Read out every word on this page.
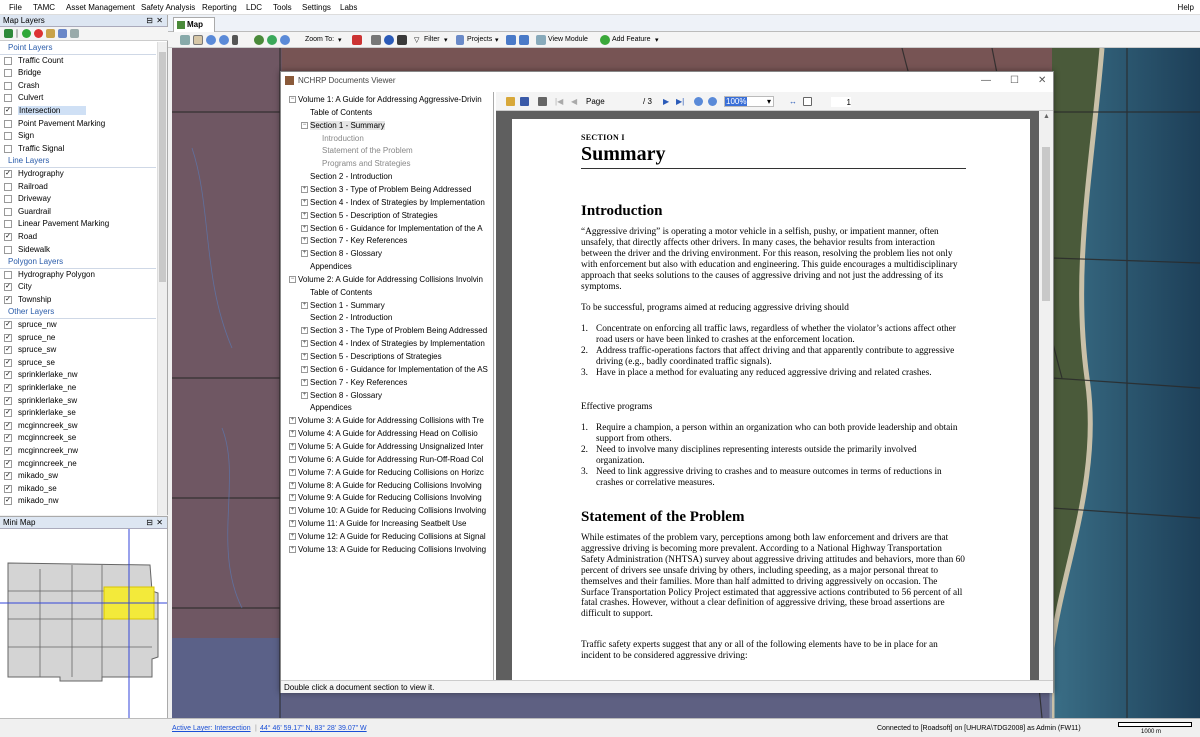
File TAMC Asset Management Safety Analysis Reporting LDC Tools Settings Labs	Help
Map Layers	⊟ ✕
Point Layers
Traffic Count
Bridge
Crash
Culvert
✓ Intersection
Point Pavement Marking
Sign
Traffic Signal
Line Layers
✓ Hydrography
Railroad
Driveway
Guardrail
Linear Pavement Marking
✓ Road
Sidewalk
Polygon Layers
Hydrography Polygon
✓ City
✓ Township
Other Layers
✓ spruce_nw
✓ spruce_ne
✓ spruce_sw
✓ spruce_se
✓ sprinklerlake_nw
✓ sprinklerlake_ne
✓ sprinklerlake_sw
✓ sprinklerlake_se
✓ mcginncreek_sw
✓ mcginncreek_se
✓ mcginncreek_nw
✓ mcginncreek_ne
✓ mikado_sw
✓ mikado_se
✓ mikado_nw
Mini Map	⊟ ✕
Map
Zoom To: ▾	▽ Filter ▾	Projects ▾	View Module	Add Feature ▾
NCHRP Documents Viewer	— ☐ ✕
− Volume 1: A Guide for Addressing Aggressive-Drivin
Table of Contents
− Section 1 - Summary
Introduction
Statement of the Problem
Programs and Strategies
Section 2 - Introduction
+ Section 3 - Type of Problem Being Addressed
+ Section 4 - Index of Strategies by Implementation
+ Section 5 - Description of Strategies
+ Section 6 - Guidance for Implementation of the A
+ Section 7 - Key References
+ Section 8 - Glossary
Appendices
− Volume 2: A Guide for Addressing Collisions Involvin
Table of Contents
+ Section 1 - Summary
Section 2 - Introduction
+ Section 3 - The Type of Problem Being Addressed
+ Section 4 - Index of Strategies by Implementation
+ Section 5 - Descriptions of Strategies
+ Section 6 - Guidance for Implementation of the AS
+ Section 7 - Key References
+ Section 8 - Glossary
Appendices
+ Volume 3: A Guide for Addressing Collisions with Tre
+ Volume 4: A Guide for Addressing Head on Collisio
+ Volume 5: A Guide for Addressing Unsignalized Inter
+ Volume 6: A Guide for Addressing Run-Off-Road Col
+ Volume 7: A Guide for Reducing Collisions on Horizc
+ Volume 8: A Guide for Reducing Collisions Involving
+ Volume 9: A Guide for Reducing Collisions Involving
+ Volume 10: A Guide for Reducing Collisions Involving
+ Volume 11: A Guide for Increasing Seatbelt Use
+ Volume 12: A Guide for Reducing Collisions at Signal
+ Volume 13: A Guide for Reducing Collisions Involving
|◀ ◀ Page
1	/ 3 ▶ ▶|	100%	▾ ↔
SECTION I
Summary
Introduction

“Aggressive driving” is operating a motor vehicle in a selfish, pushy, or impatient manner, often unsafely, that directly affects other drivers. In many cases, the behavior results from interaction between the driver and the driving environment. For this reason, resolving the problem lies not only with enforcement but also with education and engineering. This guide encourages a multidisciplinary approach that seeks solutions to the causes of aggressive driving and not just the addressing of its symptoms.

To be successful, programs aimed at reducing aggressive driving should

1. Concentrate on enforcing all traffic laws, regardless of whether the violator’s actions affect other road users or have been linked to crashes at the enforcement location.
2. Address traffic-operations factors that affect driving and that apparently contribute to aggressive driving (e.g., badly coordinated traffic signals).
3. Have in place a method for evaluating any reduced aggressive driving and related crashes.

Effective programs

1. Require a champion, a person within an organization who can both provide leadership and obtain support from others.
2. Need to involve many disciplines representing interests outside the primarily involved organization.
3. Need to link aggressive driving to crashes and to measure outcomes in terms of reductions in crashes or correlative measures.
Statement of the Problem

While estimates of the problem vary, perceptions among both law enforcement and drivers are that aggressive driving is becoming more prevalent. According to a National Highway Transportation Safety Administration (NHTSA) survey about aggressive driving attitudes and behaviors, more than 60 percent of drivers see unsafe driving by others, including speeding, as a major personal threat to themselves and their families. More than half admitted to driving aggressively on occasion. The Surface Transportation Policy Project estimated that aggressive actions contributed to 56 percent of all fatal crashes. However, without a clear definition of aggressive driving, these broad assertions are difficult to support.

Traffic safety experts suggest that any or all of the following elements have to be in place for an incident to be considered aggressive driving:

▲
Double click a document section to view it.
Active Layer: Intersection | 44° 46' 59.17" N, 83° 28' 39.07" W	Connected to [Roadsoft] on [UHURA\TDG2008] as Admin (FW11)	1000 m
